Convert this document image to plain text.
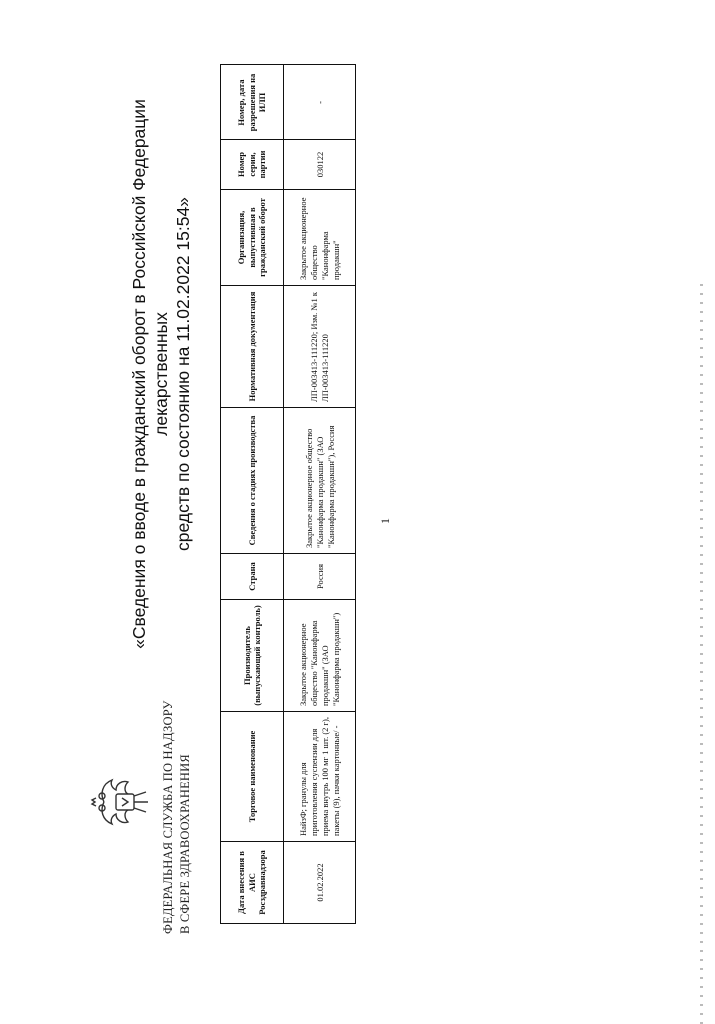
ФЕДЕРАЛЬНАЯ СЛУЖБА ПО НАДЗОРУ В СФЕРЕ ЗДРАВООХРАНЕНИЯ
«Сведения о вводе в гражданский оборот в Российской Федерации лекарственных средств по состоянию на 11.02.2022 15:54»
Дата внесения в АИС Росздравнадзора
Торговое наименование
Производитель (выпускающий контроль)
Страна
Сведения о стадиях производства
Нормативная документация
Организация, выпустившая в гражданский оборот
Номер серии, партии
Номер, дата разрешения на ИЛП
01.02.2022
НайзФ; гранулы для приготовления суспензии для приема внутрь 100 мг 1 шт. (2 г), пакеты (9), пачки картонные/ -
Закрытое акционерное общество "Канонфарма продакшн" (ЗАО "Канонфарма продакшн")
Россия
Закрытое акционерное общество "Канонфарма продакшн" (ЗАО "Канонфарма продакшн"), Россия
ЛП-003413-111220; Изм. №1 к ЛП-003413-111220
Закрытое акционерное общество "Канонфарма продакшн"
030122
-
1
